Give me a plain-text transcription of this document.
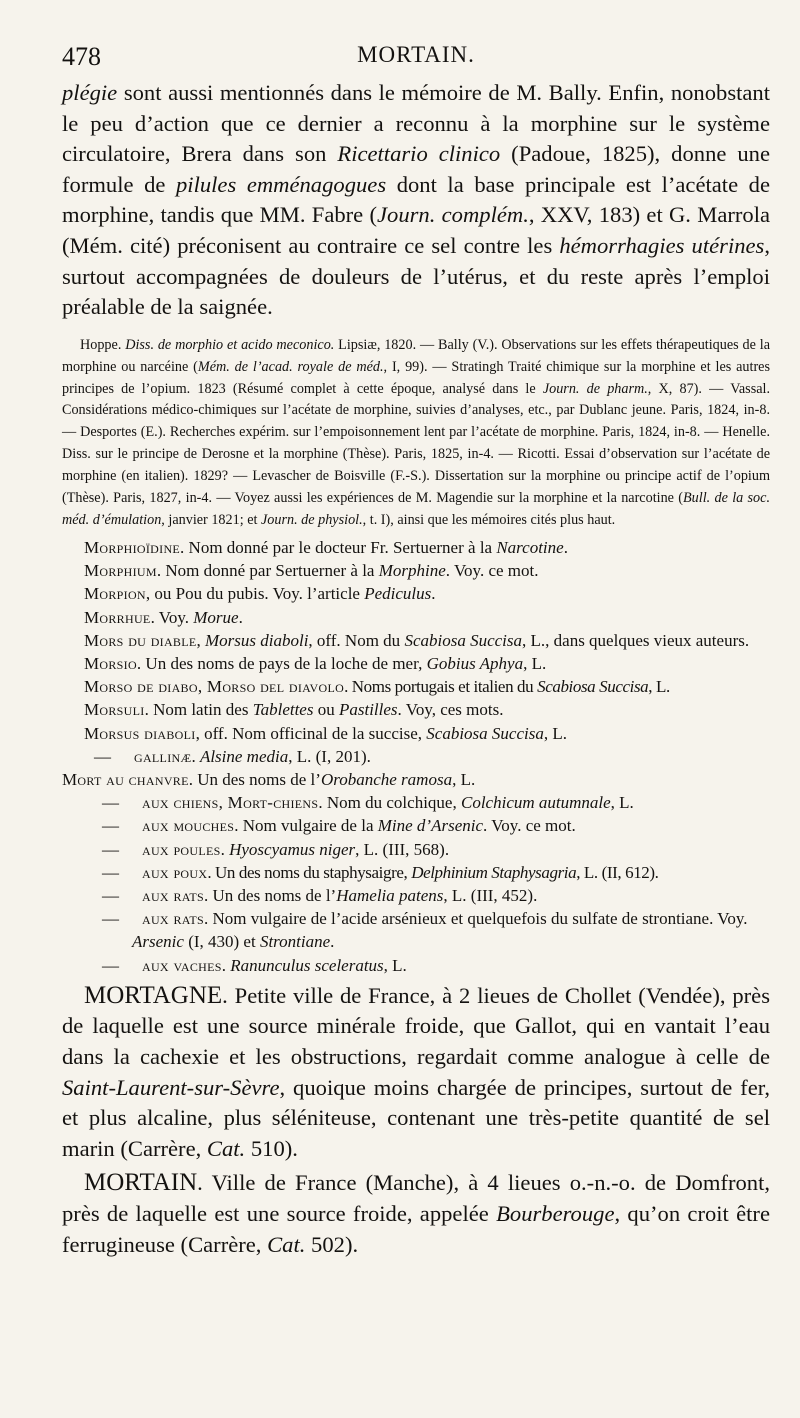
478	MORTAIN.

plégie sont aussi mentionnés dans le mémoire de M. Bally. Enfin, nonobstant le peu d’action que ce dernier a reconnu à la morphine sur le système circulatoire, Brera dans son Ricettario clinico (Padoue, 1825), donne une formule de pilules emménagogues dont la base principale est l’acétate de morphine, tandis que MM. Fabre (Journ. complém., XXV, 183) et G. Marrola (Mém. cité) préconisent au contraire ce sel contre les hémorrhagies utérines, surtout accompagnées de douleurs de l’utérus, et du reste après l’emploi préalable de la saignée.

Hoppe. Diss. de morphio et acido meconico. Lipsiæ, 1820. — Bally (V.). Observations sur les effets thérapeutiques de la morphine ou narcéine (Mém. de l’acad. royale de méd., I, 99). — Stratingh Traité chimique sur la morphine et les autres principes de l’opium. 1823 (Résumé complet à cette époque, analysé dans le Journ. de pharm., X, 87). — Vassal. Considérations médico-chimiques sur l’acétate de morphine, suivies d’analyses, etc., par Dublanc jeune. Paris, 1824, in-8. — Desportes (E.). Recherches expérim. sur l’empoisonnement lent par l’acétate de morphine. Paris, 1824, in-8. — Henelle. Diss. sur le principe de Derosne et la morphine (Thèse). Paris, 1825, in-4. — Ricotti. Essai d’observation sur l’acétate de morphine (en italien). 1829? — Levascher de Boisville (F.-S.). Dissertation sur la morphine ou principe actif de l’opium (Thèse). Paris, 1827, in-4. — Voyez aussi les expériences de M. Magendie sur la morphine et la narcotine (Bull. de la soc. méd. d’émulation, janvier 1821; et Journ. de physiol., t. I), ainsi que les mémoires cités plus haut.

Morphioïdine. Nom donné par le docteur Fr. Sertuerner à la Narcotine.

Morphium. Nom donné par Sertuerner à la Morphine. Voy. ce mot.

Morpion, ou Pou du pubis. Voy. l’article Pediculus.

Morrhue. Voy. Morue.

Mors du diable, Morsus diaboli, off. Nom du Scabiosa Succisa, L., dans quelques vieux auteurs.

Morsio. Un des noms de pays de la loche de mer, Gobius Aphya, L.

Morso de diabo, Morso del diavolo. Noms portugais et italien du Scabiosa Succisa, L.

Morsuli. Nom latin des Tablettes ou Pastilles. Voy, ces mots.

Morsus diaboli, off. Nom officinal de la succise, Scabiosa Succisa, L.

— gallinæ. Alsine media, L. (I, 201).

Mort au chanvre. Un des noms de l’Orobanche ramosa, L.

— aux chiens, Mort-chiens. Nom du colchique, Colchicum autumnale, L.

— aux mouches. Nom vulgaire de la Mine d’Arsenic. Voy. ce mot.

— aux poules. Hyoscyamus niger, L. (III, 568).

— aux poux. Un des noms du staphysaigre, Delphinium Staphysagria, L. (II, 612).

— aux rats. Un des noms de l’Hamelia patens, L. (III, 452).

— aux rats. Nom vulgaire de l’acide arsénieux et quelquefois du sulfate de strontiane. Voy. Arsenic (I, 430) et Strontiane.

— aux vaches. Ranunculus sceleratus, L.

MORTAGNE. Petite ville de France, à 2 lieues de Chollet (Vendée), près de laquelle est une source minérale froide, que Gallot, qui en vantait l’eau dans la cachexie et les obstructions, regardait comme analogue à celle de Saint-Laurent-sur-Sèvre, quoique moins chargée de principes, surtout de fer, et plus alcaline, plus séléniteuse, contenant une très-petite quantité de sel marin (Carrère, Cat. 510).

MORTAIN. Ville de France (Manche), à 4 lieues o.-n.-o. de Domfront, près de laquelle est une source froide, appelée Bourberouge, qu’on croit être ferrugineuse (Carrère, Cat. 502).
